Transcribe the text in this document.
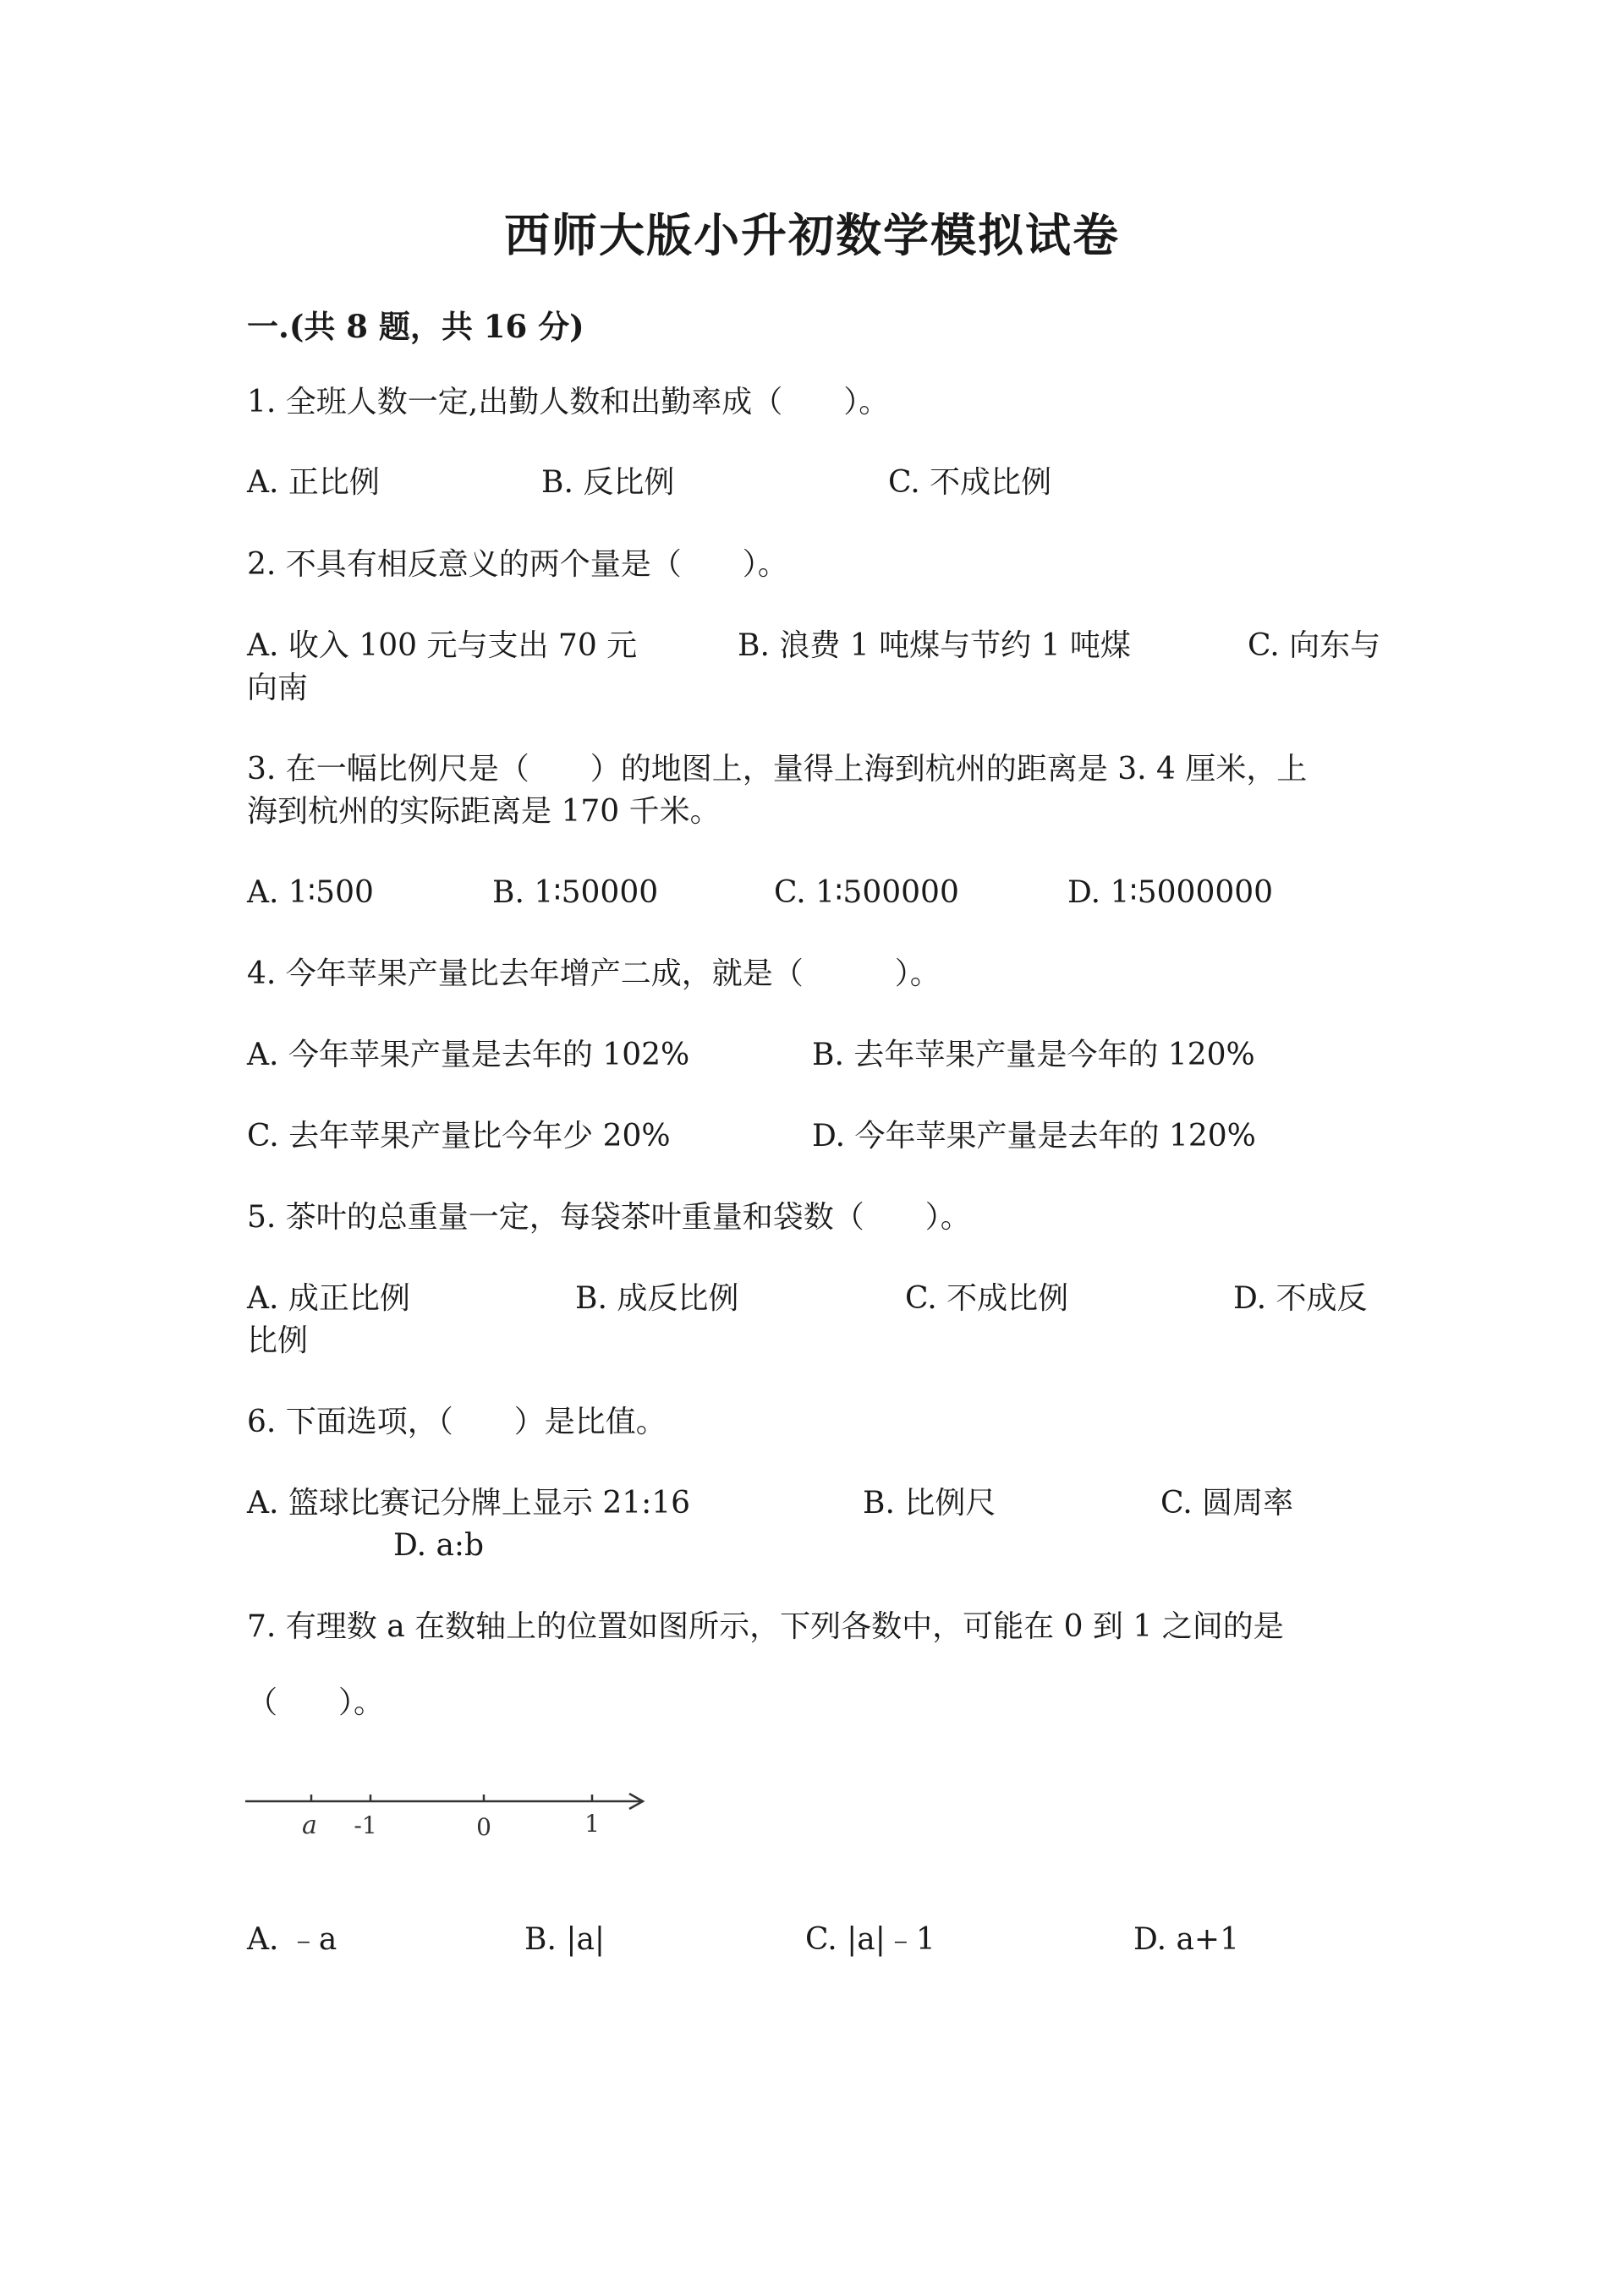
西师大版小升初数学模拟试卷
一.(共 8 题，共 16 分)
1. 全班人数一定,出勤人数和出勤率成（　　）。
A. 正比例	B. 反比例	C. 不成比例
2. 不具有相反意义的两个量是（　　）。
A. 收入 100 元与支出 70 元	B. 浪费 1 吨煤与节约 1 吨煤	C. 向东与
向南
3. 在一幅比例尺是（　　）的地图上，量得上海到杭州的距离是 3. 4 厘米，上
海到杭州的实际距离是 170 千米。
A. 1∶500	B. 1∶50000	C. 1∶500000	D. 1∶5000000
4. 今年苹果产量比去年增产二成，就是（　　　）。
A. 今年苹果产量是去年的 102%	B. 去年苹果产量是今年的 120%
C. 去年苹果产量比今年少 20%	D. 今年苹果产量是去年的 120%
5. 茶叶的总重量一定，每袋茶叶重量和袋数（　　）。
A. 成正比例	B. 成反比例	C. 不成比例	D. 不成反
比例
6. 下面选项，（　　）是比值。
A. 篮球比赛记分牌上显示 21:16	B. 比例尺	C. 圆周率
D. a:b
7. 有理数 a 在数轴上的位置如图所示，下列各数中，可能在 0 到 1 之间的是
（　　）。
a -1	0	1
A. ﹣a	B. |a|	C. |a|﹣1	D. a+1
